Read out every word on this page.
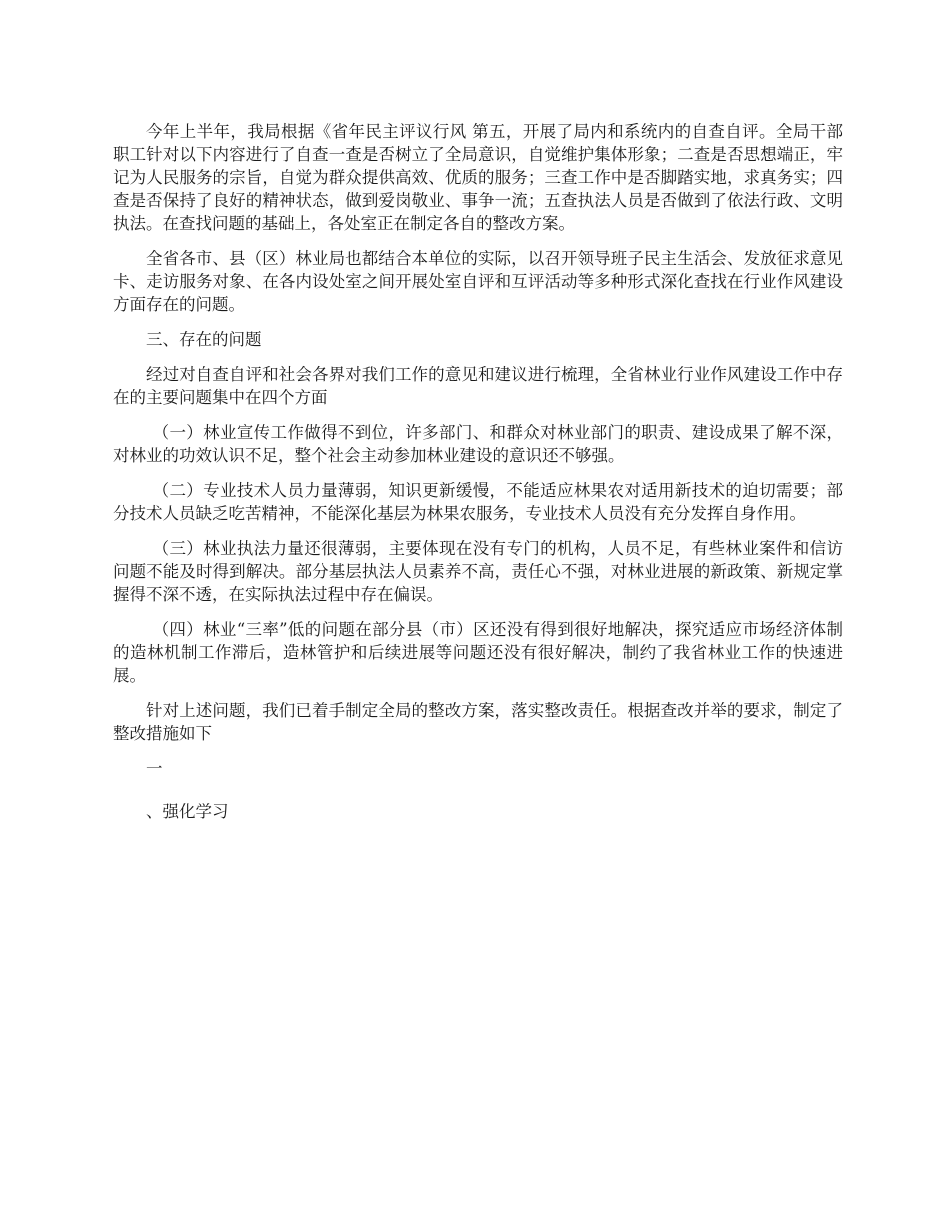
今年上半年，我局根据《省年民主评议行风 第五，开展了局内和系统内的自查自评。全局干部职工针对以下内容进行了自查一查是否树立了全局意识，自觉维护集体形象；二查是否思想端正，牢记为人民服务的宗旨，自觉为群众提供高效、优质的服务；三查工作中是否脚踏实地，求真务实；四查是否保持了良好的精神状态，做到爱岗敬业、事争一流；五查执法人员是否做到了依法行政、文明执法。在查找问题的基础上，各处室正在制定各自的整改方案。

全省各市、县（区）林业局也都结合本单位的实际，以召开领导班子民主生活会、发放征求意见卡、走访服务对象、在各内设处室之间开展处室自评和互评活动等多种形式深化查找在行业作风建设方面存在的问题。

三、存在的问题

经过对自查自评和社会各界对我们工作的意见和建议进行梳理，全省林业行业作风建设工作中存在的主要问题集中在四个方面

（一）林业宣传工作做得不到位，许多部门、和群众对林业部门的职责、建设成果了解不深，对林业的功效认识不足，整个社会主动参加林业建设的意识还不够强。

（二）专业技术人员力量薄弱，知识更新缓慢，不能适应林果农对适用新技术的迫切需要；部分技术人员缺乏吃苦精神，不能深化基层为林果农服务，专业技术人员没有充分发挥自身作用。

（三）林业执法力量还很薄弱，主要体现在没有专门的机构，人员不足，有些林业案件和信访问题不能及时得到解决。部分基层执法人员素养不高，责任心不强，对林业进展的新政策、新规定掌握得不深不透，在实际执法过程中存在偏误。

（四）林业“三率”低的问题在部分县（市）区还没有得到很好地解决，探究适应市场经济体制的造林机制工作滞后，造林管护和后续进展等问题还没有很好解决，制约了我省林业工作的快速进展。

针对上述问题，我们已着手制定全局的整改方案，落实整改责任。根据查改并举的要求，制定了整改措施如下

一

、强化学习
